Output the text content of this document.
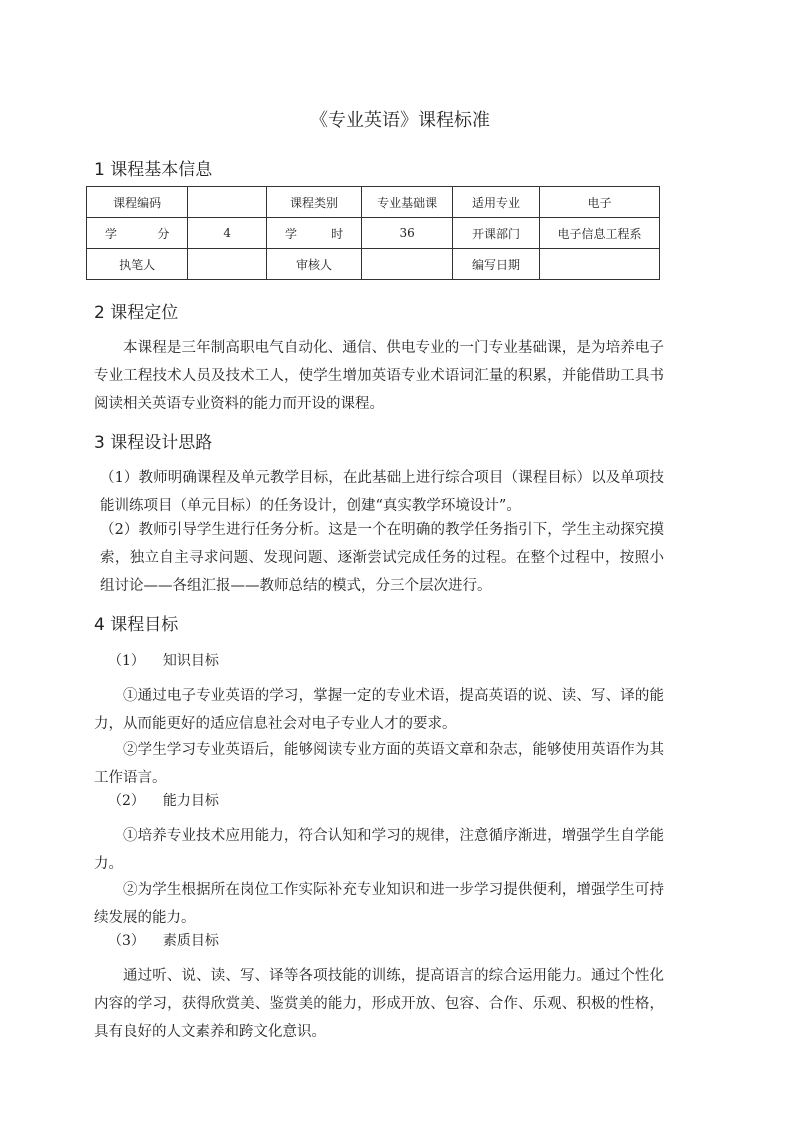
《专业英语》课程标准
1 课程基本信息
课程编码		课程类别	专业基础课	适用专业	电子

学 分	4	学 时	36	开课部门	电子信息工程系
执笔人		审核人		编写日期	
2 课程定位

本课程是三年制高职电气自动化、通信、供电专业的一门专业基础课，是为培养电子专业工程技术人员及技术工人，使学生增加英语专业术语词汇量的积累，并能借助工具书阅读相关英语专业资料的能力而开设的课程。

3 课程设计思路

（1）教师明确课程及单元教学目标，在此基础上进行综合项目（课程目标）以及单项技能训练项目（单元目标）的任务设计，创建“真实教学环境设计”。

（2）教师引导学生进行任务分析。这是一个在明确的教学任务指引下，学生主动探究摸索，独立自主寻求问题、发现问题、逐渐尝试完成任务的过程。在整个过程中，按照小组讨论——各组汇报——教师总结的模式，分三个层次进行。

4 课程目标
（1） 知识目标

①通过电子专业英语的学习，掌握一定的专业术语，提高英语的说、读、写、译的能力，从而能更好的适应信息社会对电子专业人才的要求。

②学生学习专业英语后，能够阅读专业方面的英语文章和杂志，能够使用英语作为其工作语言。

（2） 能力目标

①培养专业技术应用能力，符合认知和学习的规律，注意循序渐进，增强学生自学能力。

②为学生根据所在岗位工作实际补充专业知识和进一步学习提供便利，增强学生可持续发展的能力。

（3） 素质目标

通过听、说、读、写、译等各项技能的训练，提高语言的综合运用能力。通过个性化内容的学习，获得欣赏美、鉴赏美的能力，形成开放、包容、合作、乐观、积极的性格，具有良好的人文素养和跨文化意识。
